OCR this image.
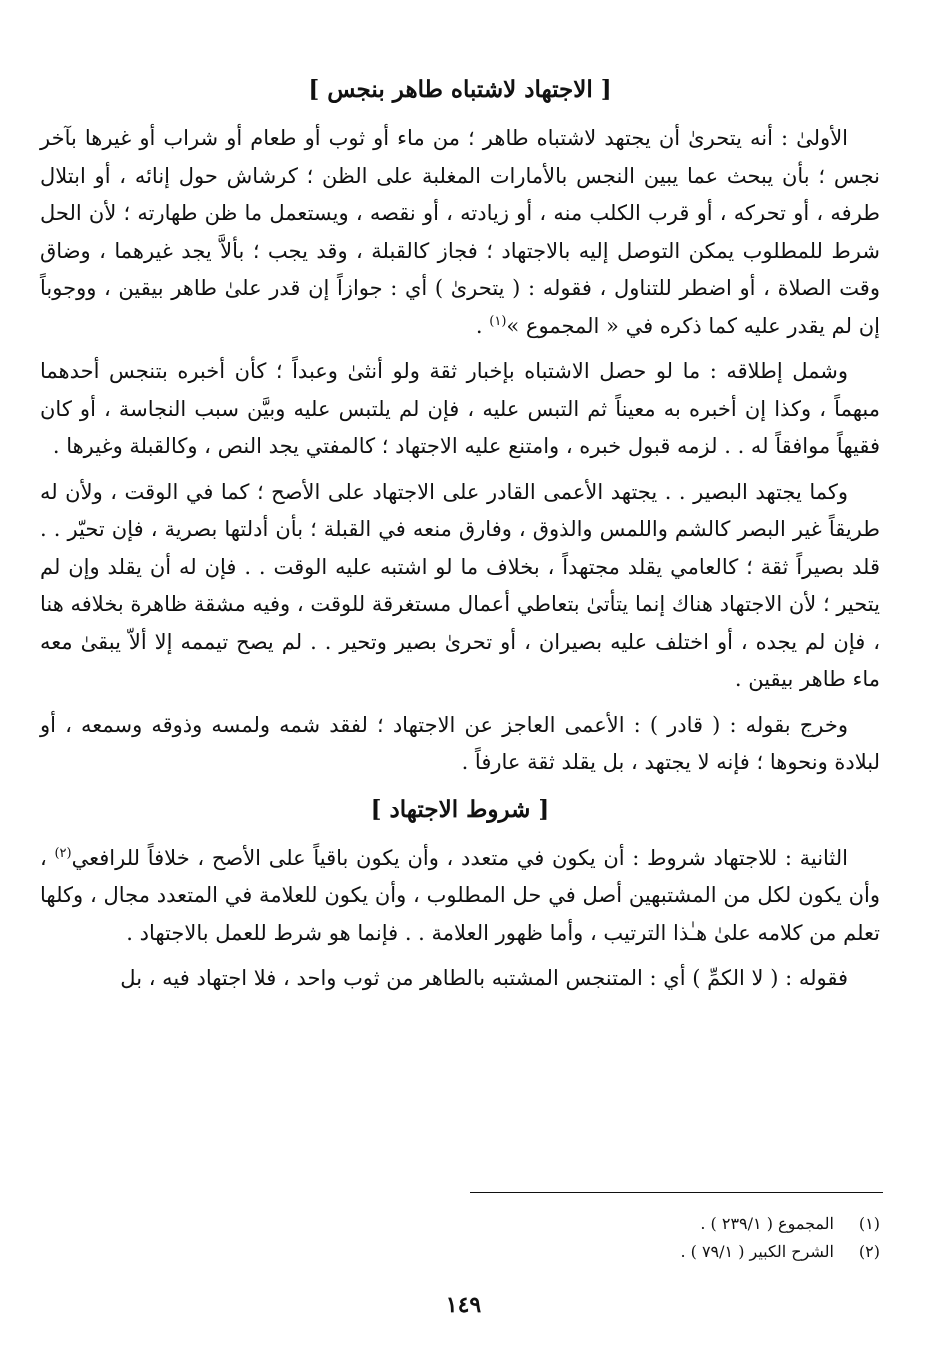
[ الاجتهاد لاشتباه طاهر بنجس ]

الأولىٰ : أنه يتحرىٰ أن يجتهد لاشتباه طاهر ؛ من ماء أو ثوب أو طعام أو شراب أو غيرها بآخر نجس ؛ بأن يبحث عما يبين النجس بالأمارات المغلبة على الظن ؛ كرشاش حول إنائه ، أو ابتلال طرفه ، أو تحركه ، أو قرب الكلب منه ، أو زيادته ، أو نقصه ، ويستعمل ما ظن طهارته ؛ لأن الحل شرط للمطلوب يمكن التوصل إليه بالاجتهاد ؛ فجاز كالقبلة ، وقد يجب ؛ بألاَّ يجد غيرهما ، وضاق وقت الصلاة ، أو اضطر للتناول ، فقوله : ( يتحرىٰ ) أي : جوازاً إن قدر علىٰ طاهر بيقين ، ووجوباً إن لم يقدر عليه كما ذكره في « المجموع »$^{(١)}$ .

وشمل إطلاقه : ما لو حصل الاشتباه بإخبار ثقة ولو أنثىٰ وعبداً ؛ كأن أخبره بتنجس أحدهما مبهماً ، وكذا إن أخبره به معيناً ثم التبس عليه ، فإن لم يلتبس عليه وبيَّن سبب النجاسة ، أو كان فقيهاً موافقاً له . . لزمه قبول خبره ، وامتنع عليه الاجتهاد ؛ كالمفتي يجد النص ، وكالقبلة وغيرها .

وكما يجتهد البصير . . يجتهد الأعمى القادر على الاجتهاد على الأصح ؛ كما في الوقت ، ولأن له طريقاً غير البصر كالشم واللمس والذوق ، وفارق منعه في القبلة ؛ بأن أدلتها بصرية ، فإن تحيّر . . قلد بصيراً ثقة ؛ كالعامي يقلد مجتهداً ، بخلاف ما لو اشتبه عليه الوقت . . فإن له أن يقلد وإن لم يتحير ؛ لأن الاجتهاد هناك إنما يتأتىٰ بتعاطي أعمال مستغرقة للوقت ، وفيه مشقة ظاهرة بخلافه هنا ، فإن لم يجده ، أو اختلف عليه بصيران ، أو تحرىٰ بصير وتحير . . لم يصح تيممه إلا ألاّ يبقىٰ معه ماء طاهر بيقين .

وخرج بقوله : ( قادر ) : الأعمى العاجز عن الاجتهاد ؛ لفقد شمه ولمسه وذوقه وسمعه ، أو لبلادة ونحوها ؛ فإنه لا يجتهد ، بل يقلد ثقة عارفاً .

[ شروط الاجتهاد ]

الثانية : للاجتهاد شروط : أن يكون في متعدد ، وأن يكون باقياً على الأصح ، خلافاً للرافعي$^{(٢)}$ ، وأن يكون لكل من المشتبهين أصل في حل المطلوب ، وأن يكون للعلامة في المتعدد مجال ، وكلها تعلم من كلامه علىٰ هـٰذا الترتيب ، وأما ظهور العلامة . . فإنما هو شرط للعمل بالاجتهاد .

فقوله : ( لا الكمِّ ) أي : المتنجس المشتبه بالطاهر من ثوب واحد ، فلا اجتهاد فيه ، بل

(١)
المجموع ( ٢٣٩/١ ) .
(٢)
الشرح الكبير ( ٧٩/١ ) .
١٤٩
